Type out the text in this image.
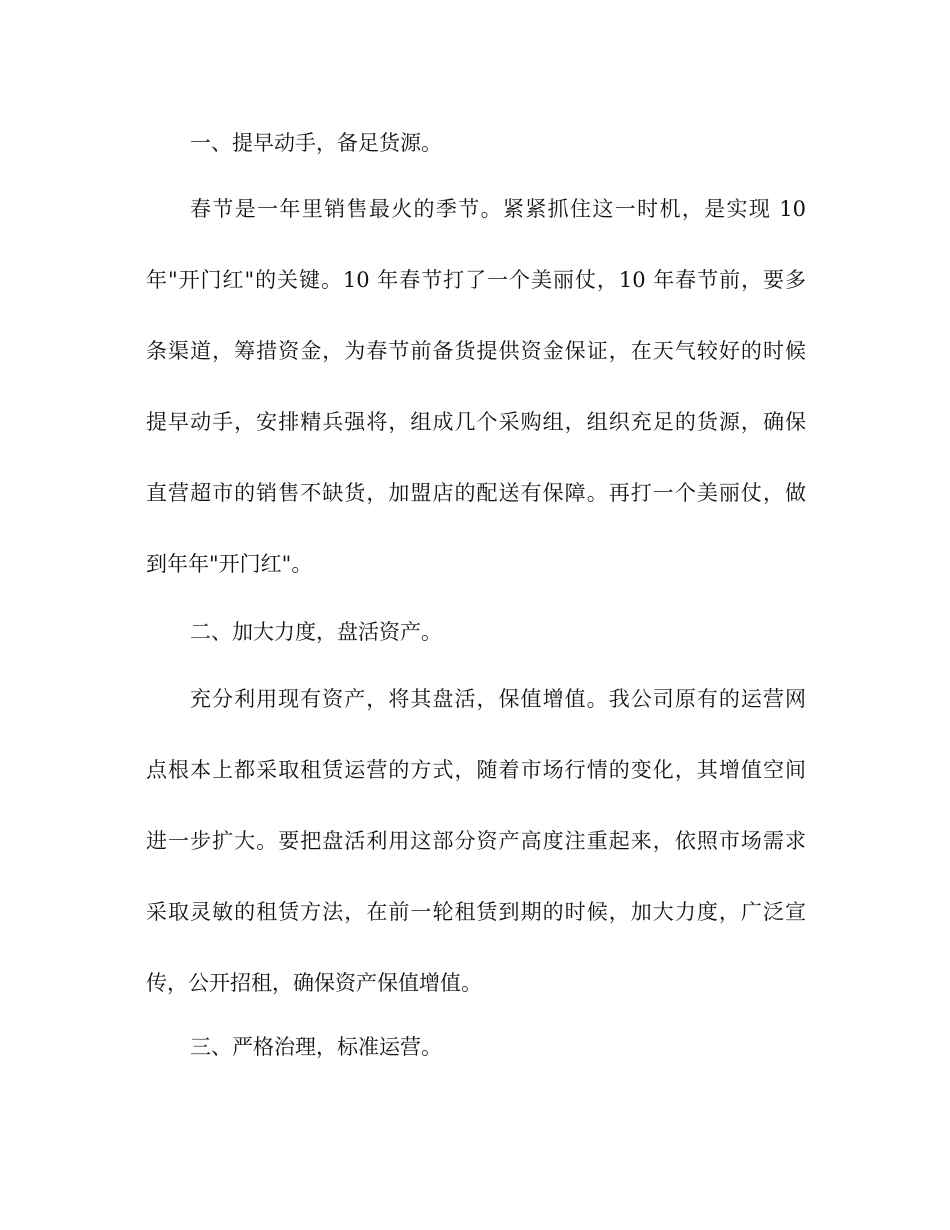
一、提早动手，备足货源。

春节是一年里销售最火的季节。紧紧抓住这一时机，是实现 10

年"开门红"的关键。10 年春节打了一个美丽仗，10 年春节前，要多

条渠道，筹措资金，为春节前备货提供资金保证，在天气较好的时候

提早动手，安排精兵强将，组成几个采购组，组织充足的货源，确保

直营超市的销售不缺货，加盟店的配送有保障。再打一个美丽仗，做

到年年"开门红"。

二、加大力度，盘活资产。

充分利用现有资产，将其盘活，保值增值。我公司原有的运营网

点根本上都采取租赁运营的方式，随着市场行情的变化，其增值空间

进一步扩大。要把盘活利用这部分资产高度注重起来，依照市场需求

采取灵敏的租赁方法，在前一轮租赁到期的时候，加大力度，广泛宣

传，公开招租，确保资产保值增值。

三、严格治理，标准运营。
